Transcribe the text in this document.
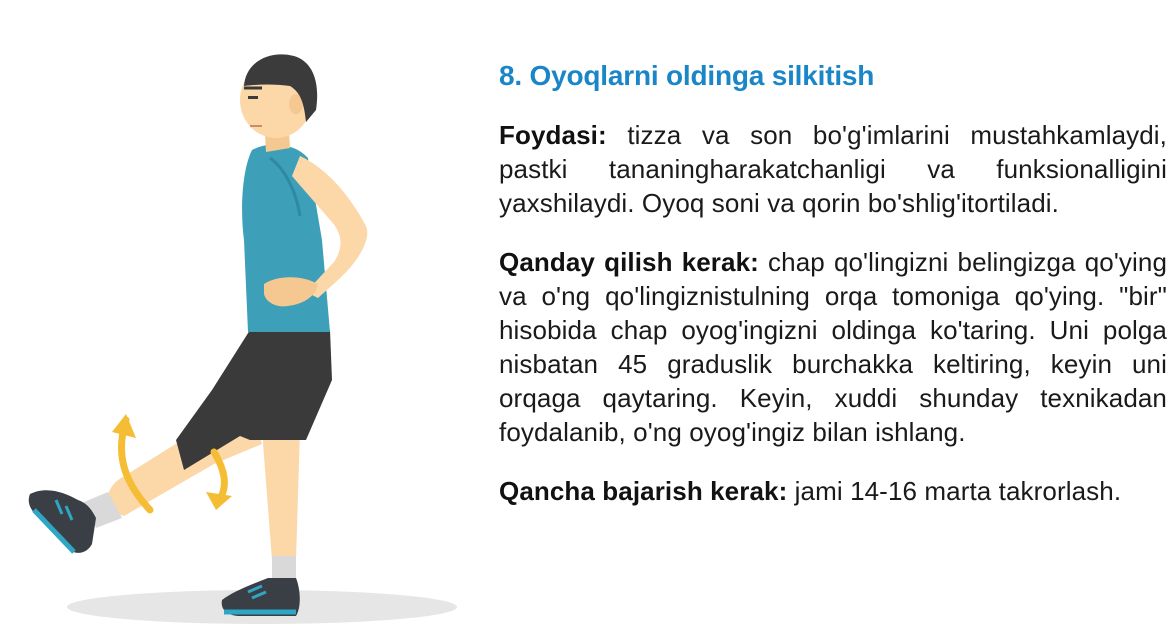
8. Oyoqlarni oldinga silkitish

Foydasi: tizza va son bo'g'imlarini mustahkamlaydi, pastki tananingharakatchanligi va funksionalligini yaxshilaydi. Oyoq soni va qorin bo'shlig'itortiladi.

Qanday qilish kerak: chap qo'lingizni belingizga qo'ying va o'ng qo'lingiznistulning orqa tomoniga qo'ying. "bir" hisobida chap oyog'ingizni oldinga ko'taring. Uni polga nisbatan 45 graduslik burchakka keltiring, keyin uni orqaga qaytaring. Keyin, xuddi shunday texnikadan foydalanib, o'ng oyog'ingiz bilan ishlang.

Qancha bajarish kerak: jami 14-16 marta takrorlash.
